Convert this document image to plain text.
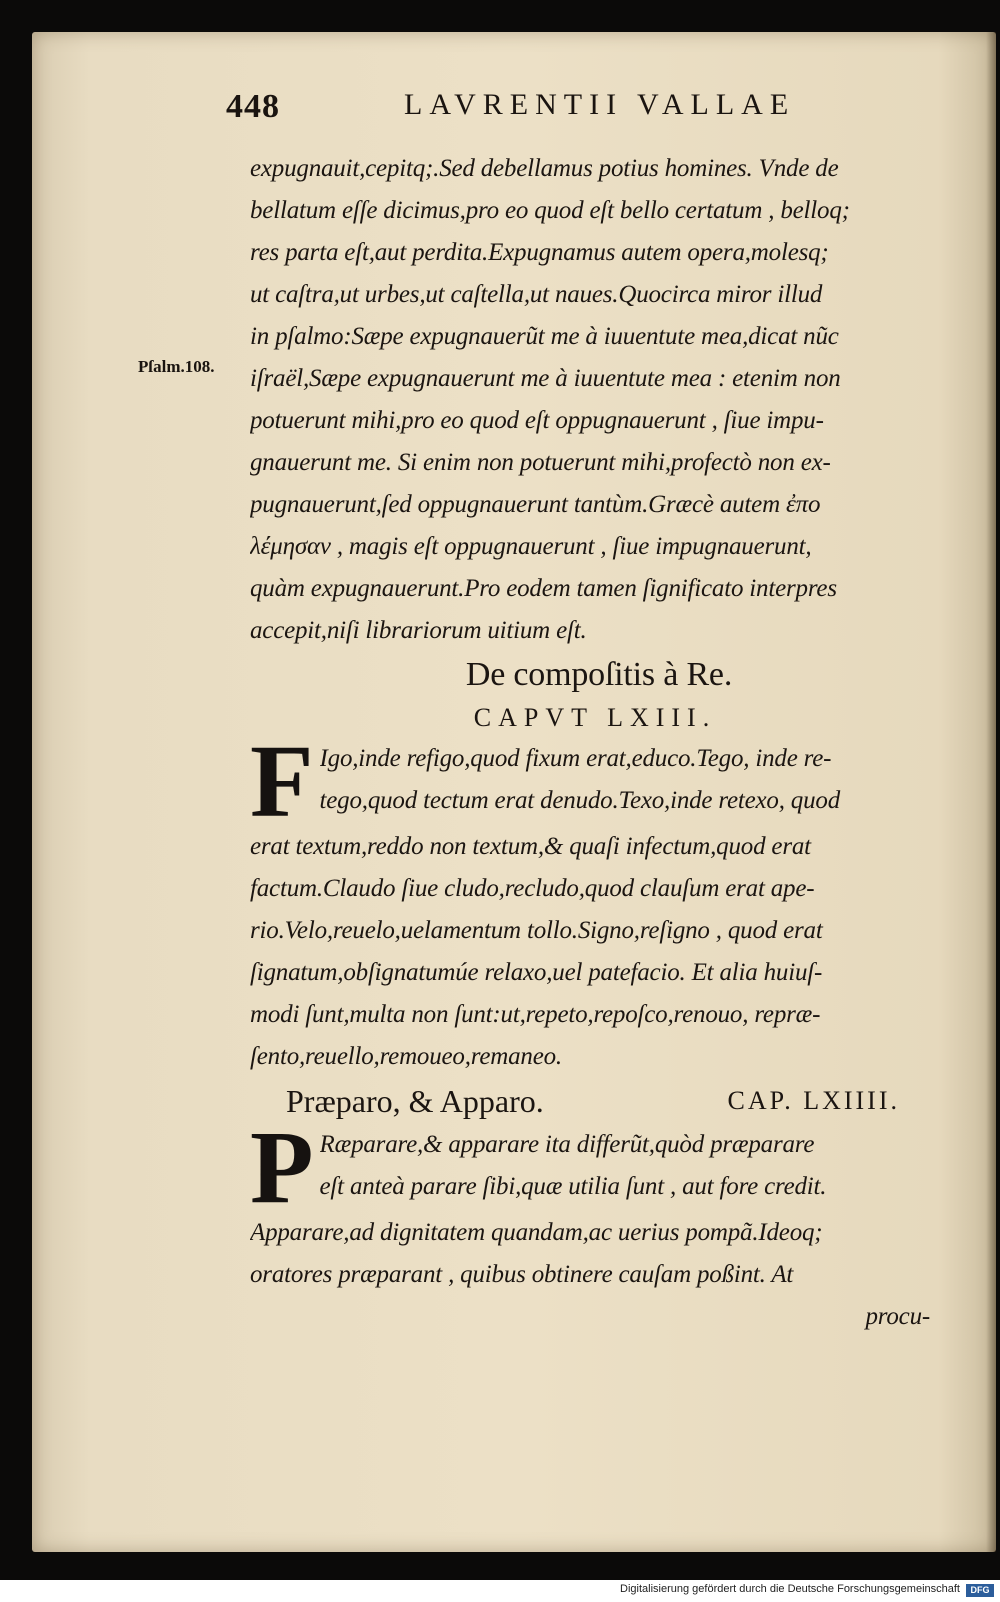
448	LAVRENTII VALLAE
Pſalm.108.
expugnauit,cepitq;.Sed debellamus potius homines. Vnde de
bellatum eſſe dicimus,pro eo quod eſt bello certatum , belloq;
res parta eſt,aut perdita.Expugnamus autem opera,molesq;
ut caſtra,ut urbes,ut caſtella,ut naues.Quocirca miror illud
in pſalmo:Sæpe expugnauerũt me à iuuentute mea,dicat nũc
iſraël,Sæpe expugnauerunt me à iuuentute mea : etenim non
potuerunt mihi,pro eo quod eſt oppugnauerunt , ſiue impu-
gnauerunt me. Si enim non potuerunt mihi,profectò non ex-
pugnauerunt,ſed oppugnauerunt tantùm.Græcè autem ἐπο
λέμησαν , magis eſt oppugnauerunt , ſiue impugnauerunt,
quàm expugnauerunt.Pro eodem tamen ſignificato interpres
accepit,niſi librariorum uitium eſt.
De compoſitis à Re.
CAPVT LXIII.
F Igo,inde refigo,quod fixum erat,educo.Tego, inde re-
tego,quod tectum erat denudo.Texo,inde retexo, quod
erat textum,reddo non textum,& quaſi infectum,quod erat
factum.Claudo ſiue cludo,recludo,quod clauſum erat ape-
rio.Velo,reuelo,uelamentum tollo.Signo,reſigno , quod erat
ſignatum,obſignatumúe relaxo,uel patefacio. Et alia huiuſ-
modi ſunt,multa non ſunt:ut,repeto,repoſco,renouo, repræ-
ſento,reuello,remoueo,remaneo.
Præparo, & Apparo.	CAP. LXIIII.
P Ræparare,& apparare ita differũt,quòd præparare
eſt anteà parare ſibi,quæ utilia ſunt , aut fore credit.
Apparare,ad dignitatem quandam,ac uerius pompã.Ideoq;
oratores præparant , quibus obtinere cauſam poßint. At
procu-
Digitalisierung gefördert durch die Deutsche Forschungsgemeinschaft	DFG
